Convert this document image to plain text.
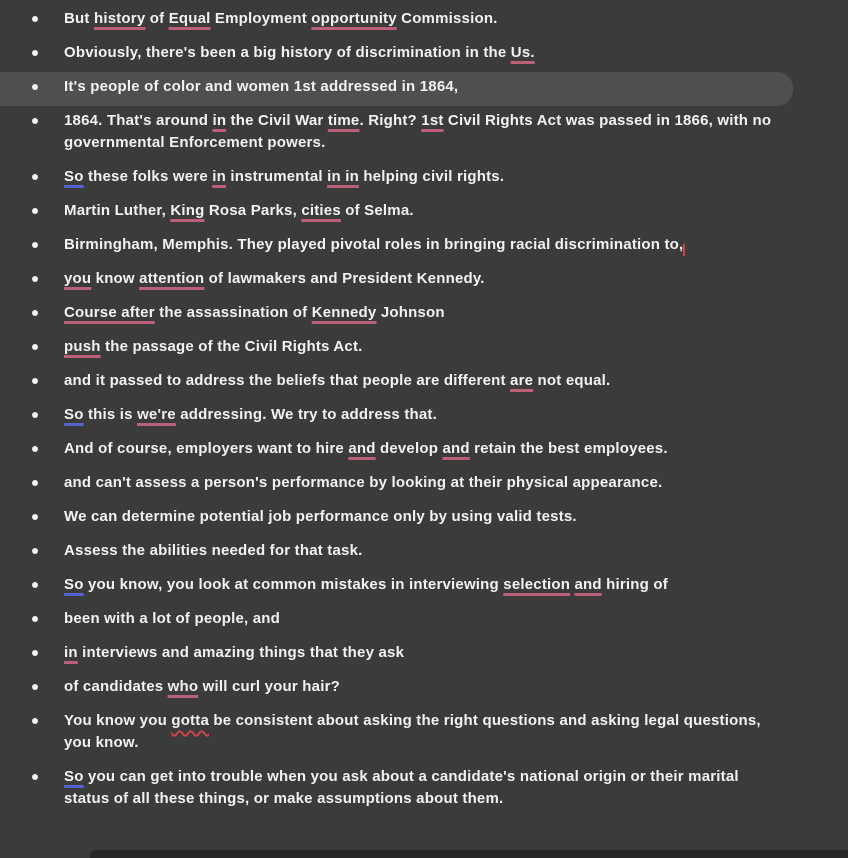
But history of Equal Employment opportunity Commission.
Obviously, there's been a big history of discrimination in the Us.
It's people of color and women 1st addressed in 1864,
1864. That's around in the Civil War time. Right? 1st Civil Rights Act was passed in 1866, with no governmental Enforcement powers.
So these folks were in instrumental in in helping civil rights.
Martin Luther, King Rosa Parks, cities of Selma.
Birmingham, Memphis. They played pivotal roles in bringing racial discrimination to,
you know attention of lawmakers and President Kennedy.
Course after the assassination of Kennedy Johnson
push the passage of the Civil Rights Act.
and it passed to address the beliefs that people are different are not equal.
So this is we're addressing. We try to address that.
And of course, employers want to hire and develop and retain the best employees.
and can't assess a person's performance by looking at their physical appearance.
We can determine potential job performance only by using valid tests.
Assess the abilities needed for that task.
So you know, you look at common mistakes in interviewing selection and hiring of
been with a lot of people, and
in interviews and amazing things that they ask
of candidates who will curl your hair?
You know you gotta be consistent about asking the right questions and asking legal questions, you know.
So you can get into trouble when you ask about a candidate's national origin or their marital status of all these things, or make assumptions about them.
